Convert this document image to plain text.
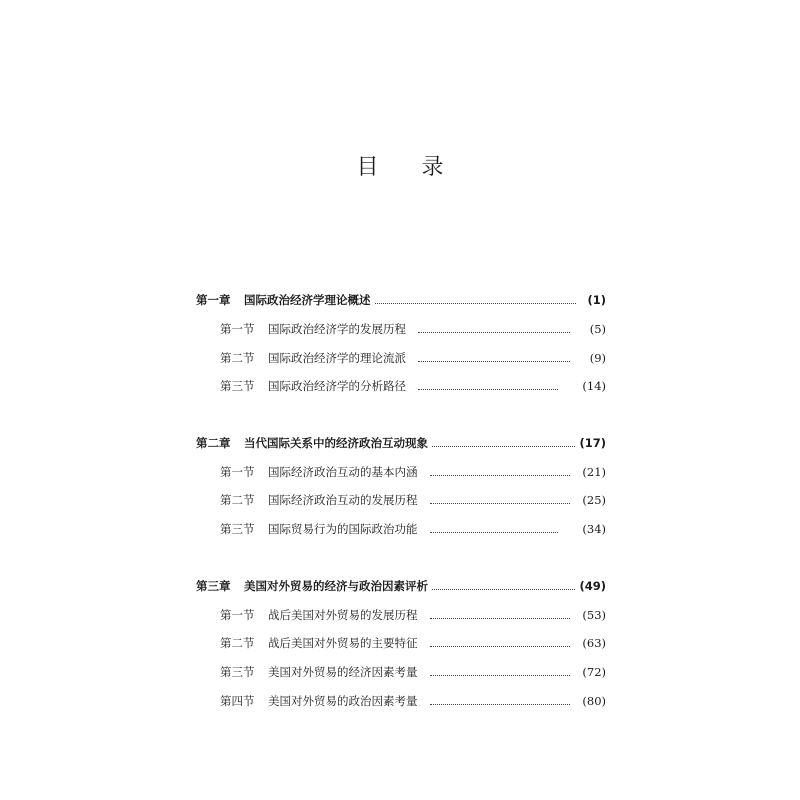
目 录
第一章	国际政治经济学理论概述	(1)
第一节	国际政治经济学的发展历程	(5)
第二节	国际政治经济学的理论流派	(9)
第三节	国际政治经济学的分析路径	(14)
第二章	当代国际关系中的经济政治互动现象	(17)
第一节	国际经济政治互动的基本内涵	(21)
第二节	国际经济政治互动的发展历程	(25)
第三节	国际贸易行为的国际政治功能	(34)
第三章	美国对外贸易的经济与政治因素评析	(49)
第一节	战后美国对外贸易的发展历程	(53)
第二节	战后美国对外贸易的主要特征	(63)
第三节	美国对外贸易的经济因素考量	(72)
第四节	美国对外贸易的政治因素考量	(80)
